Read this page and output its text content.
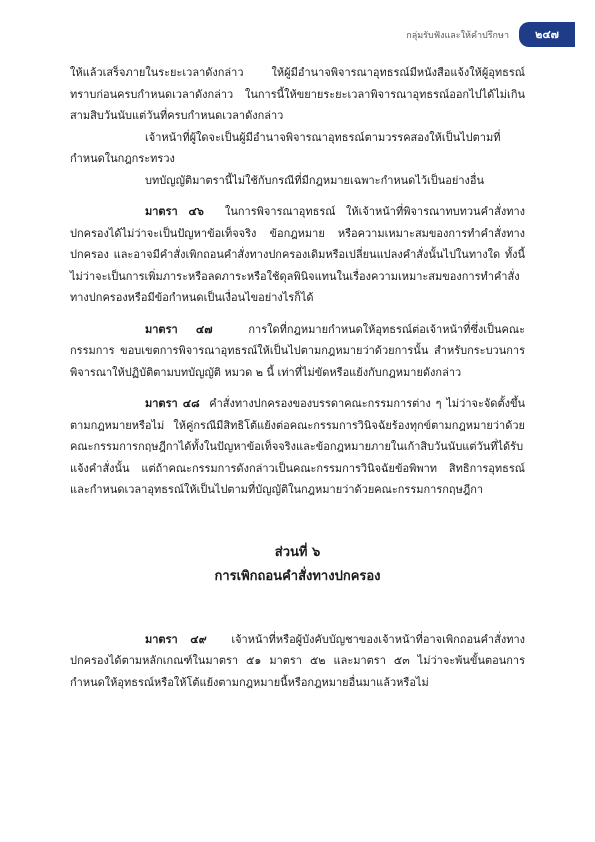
กลุ่มรับฟังและให้คำปรึกษา	๒๔๗

ให้แล้วเสร็จภายในระยะเวลาดังกล่าว ให้ผู้มีอำนาจพิจารณาอุทธรณ์มีหนังสือแจ้งให้ผู้อุทธรณ์ทราบก่อนครบกำหนดเวลาดังกล่าว ในการนี้ให้ขยายระยะเวลาพิจารณาอุทธรณ์ออกไปได้ไม่เกินสามสิบวันนับแต่วันที่ครบกำหนดเวลาดังกล่าว

เจ้าหน้าที่ผู้ใดจะเป็นผู้มีอำนาจพิจารณาอุทธรณ์ตามวรรคสองให้เป็นไปตามที่กำหนดในกฎกระทรวง

บทบัญญัติมาตรานี้ไม่ใช้กับกรณีที่มีกฎหมายเฉพาะกำหนดไว้เป็นอย่างอื่น

มาตรา ๔๖ ในการพิจารณาอุทธรณ์ ให้เจ้าหน้าที่พิจารณาทบทวนคำสั่งทางปกครองได้ไม่ว่าจะเป็นปัญหาข้อเท็จจริง ข้อกฎหมาย หรือความเหมาะสมของการทำคำสั่งทางปกครอง และอาจมีคำสั่งเพิกถอนคำสั่งทางปกครองเดิมหรือเปลี่ยนแปลงคำสั่งนั้นไปในทางใด ทั้งนี้ ไม่ว่าจะเป็นการเพิ่มภาระหรือลดภาระหรือใช้ดุลพินิจแทนในเรื่องความเหมาะสมของการทำคำสั่งทางปกครองหรือมีข้อกำหนดเป็นเงื่อนไขอย่างไรก็ได้

มาตรา ๔๗	การใดที่กฎหมายกำหนดให้อุทธรณ์ต่อเจ้าหน้าที่ซึ่งเป็นคณะกรรมการ ขอบเขตการพิจารณาอุทธรณ์ให้เป็นไปตามกฎหมายว่าด้วยการนั้น สำหรับกระบวนการพิจารณาให้ปฏิบัติตามบทบัญญัติ หมวด ๒ นี้ เท่าที่ไม่ขัดหรือแย้งกับกฎหมายดังกล่าว

มาตรา ๔๘ คำสั่งทางปกครองของบรรดาคณะกรรมการต่าง ๆ ไม่ว่าจะจัดตั้งขึ้นตามกฎหมายหรือไม่ ให้คู่กรณีมีสิทธิโต้แย้งต่อคณะกรรมการวินิจฉัยร้องทุกข์ตามกฎหมายว่าด้วยคณะกรรมการกฤษฎีกาได้ทั้งในปัญหาข้อเท็จจริงและข้อกฎหมายภายในเก้าสิบวันนับแต่วันที่ได้รับแจ้งคำสั่งนั้น แต่ถ้าคณะกรรมการดังกล่าวเป็นคณะกรรมการวินิจฉัยข้อพิพาท สิทธิการอุทธรณ์และกำหนดเวลาอุทธรณ์ให้เป็นไปตามที่บัญญัติในกฎหมายว่าด้วยคณะกรรมการกฤษฎีกา

ส่วนที่ ๖

การเพิกถอนคำสั่งทางปกครอง

มาตรา ๔๙ เจ้าหน้าที่หรือผู้บังคับบัญชาของเจ้าหน้าที่อาจเพิกถอนคำสั่งทางปกครองได้ตามหลักเกณฑ์ในมาตรา ๕๑ มาตรา ๕๒ และมาตรา ๕๓ ไม่ว่าจะพ้นขั้นตอนการกำหนดให้อุทธรณ์หรือให้โต้แย้งตามกฎหมายนี้หรือกฎหมายอื่นมาแล้วหรือไม่
